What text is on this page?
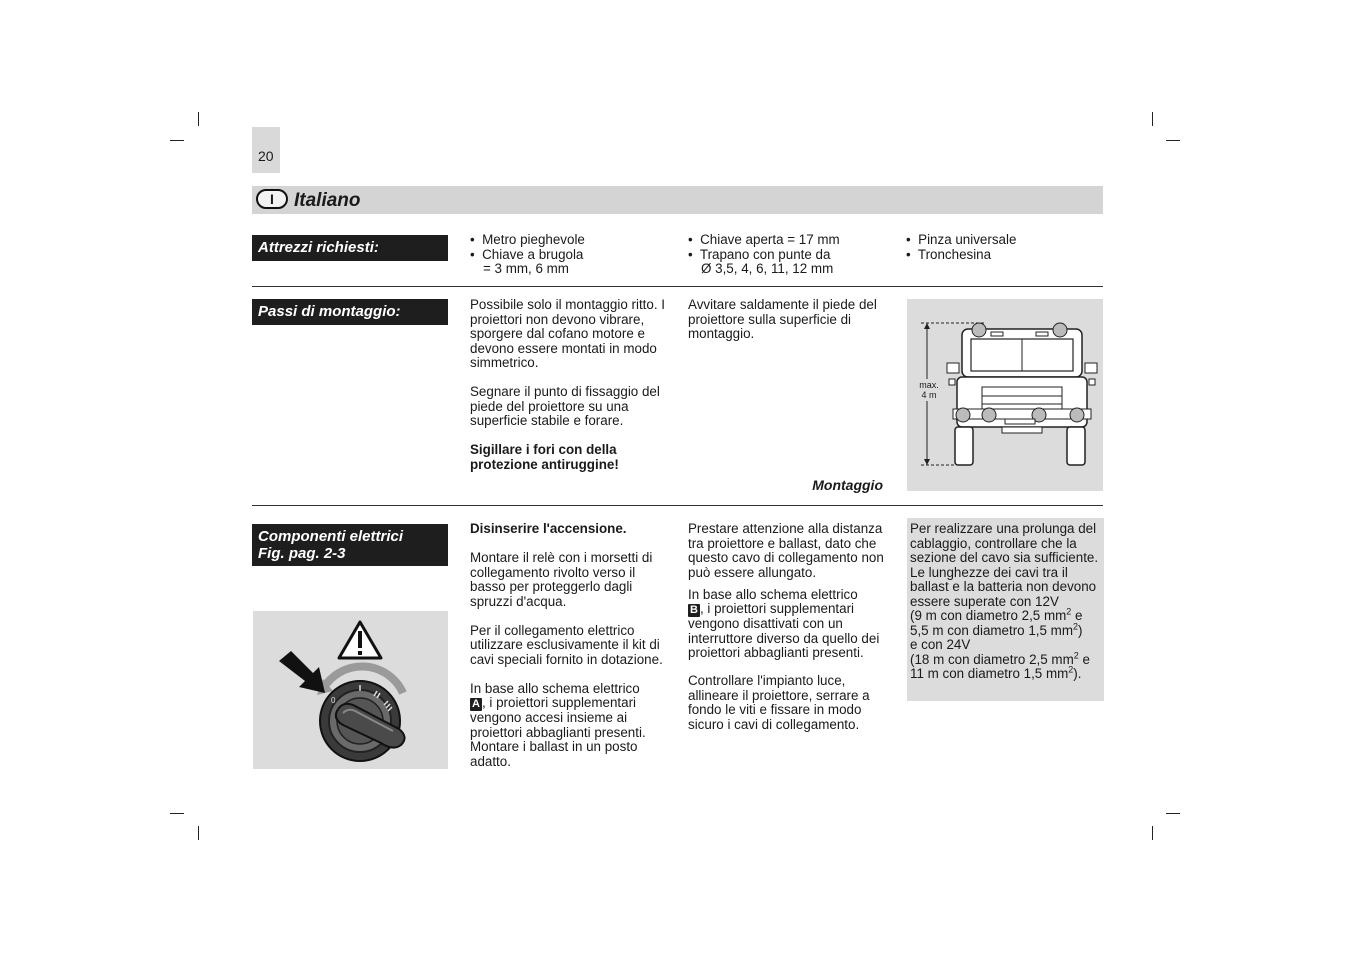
20
I	Italiano
Attrezzi richiesti:	•  Metro pieghevole
•  Chiave a brugola
= 3 mm, 6 mm
•  Chiave aperta = 17 mm
•  Trapano con punte da
Ø 3,5, 4, 6, 11, 12 mm
•  Pinza universale
•  Tronchesina
Passi di montaggio:	Possibile solo il montaggio ritto. I proiettori non devono vibrare, sporgere dal cofano motore e devono essere montati in modo simmetrico.

Segnare il punto di fissaggio del piede del proiettore su una superficie stabile e forare.

Sigillare i fori con della protezione antiruggine!

Avvitare saldamente il piede del proiettore sulla superficie di montaggio.

Montaggio
max.
4 m
Componenti elettrici
Fig. pag. 2-3
0

Disinserire l'accensione.

Montare il relè con i morsetti di collegamento rivolto verso il basso per proteggerlo dagli spruzzi d'acqua.

Per il collegamento elettrico utilizzare esclusivamente il kit di cavi speciali fornito in dotazione.

In base allo schema elettrico
A , i proiettori supplementari vengono accesi insieme ai proiettori abbaglianti presenti. Montare i ballast in un posto adatto.

Prestare attenzione alla distanza tra proiettore e ballast, dato che questo cavo di collegamento non può essere allungato.

In base allo schema elettrico
B , i proiettori supplementari vengono disattivati con un interruttore diverso da quello dei proiettori abbaglianti presenti.

Controllare l'impianto luce, allineare il proiettore, serrare a fondo le viti e fissare in modo sicuro i cavi di collegamento.

Per realizzare una prolunga del cablaggio, controllare che la sezione del cavo sia sufficiente. Le lunghezze dei cavi tra il ballast e la batteria non devono essere superate con 12V
(9 m con diametro 2,5 $mm^2$ e
5,5 m con diametro 1,5 $mm^2$)
e con 24V
(18 m con diametro 2,5 $mm^2$ e
11 m con diametro 1,5 $mm^2$).
